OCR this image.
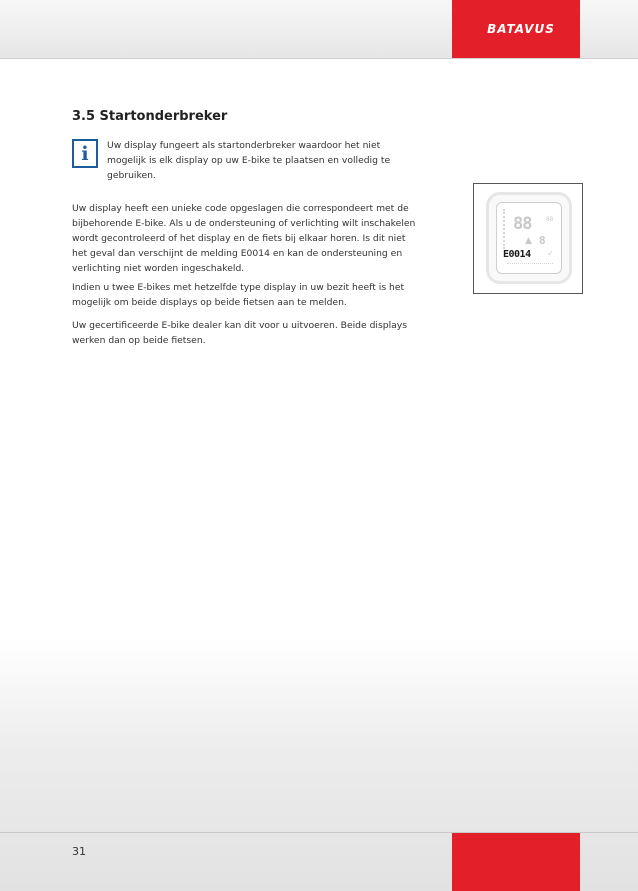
BATAVUS
3.5 Startonderbreker
i	Uw display fungeert als startonderbreker waardoor het niet
mogelijk is elk display op uw E-bike te plaatsen en volledig te
gebruiken.
Uw display heeft een unieke code opgeslagen die correspondeert met de
bijbehorende E-bike. Als u de ondersteuning of verlichting wilt inschakelen
wordt gecontroleerd of het display en de fiets bij elkaar horen. Is dit niet
het geval dan verschijnt de melding E0014 en kan de ondersteuning en
verlichting niet worden ingeschakeld.
Indien u twee E-bikes met hetzelfde type display in uw bezit heeft is het
mogelijk om beide displays op beide fietsen aan te melden.
Uw gecertificeerde E-bike dealer kan dit voor u uitvoeren. Beide displays
werken dan op beide fietsen.
88 88
▲ 8
E0014 ✓
31
